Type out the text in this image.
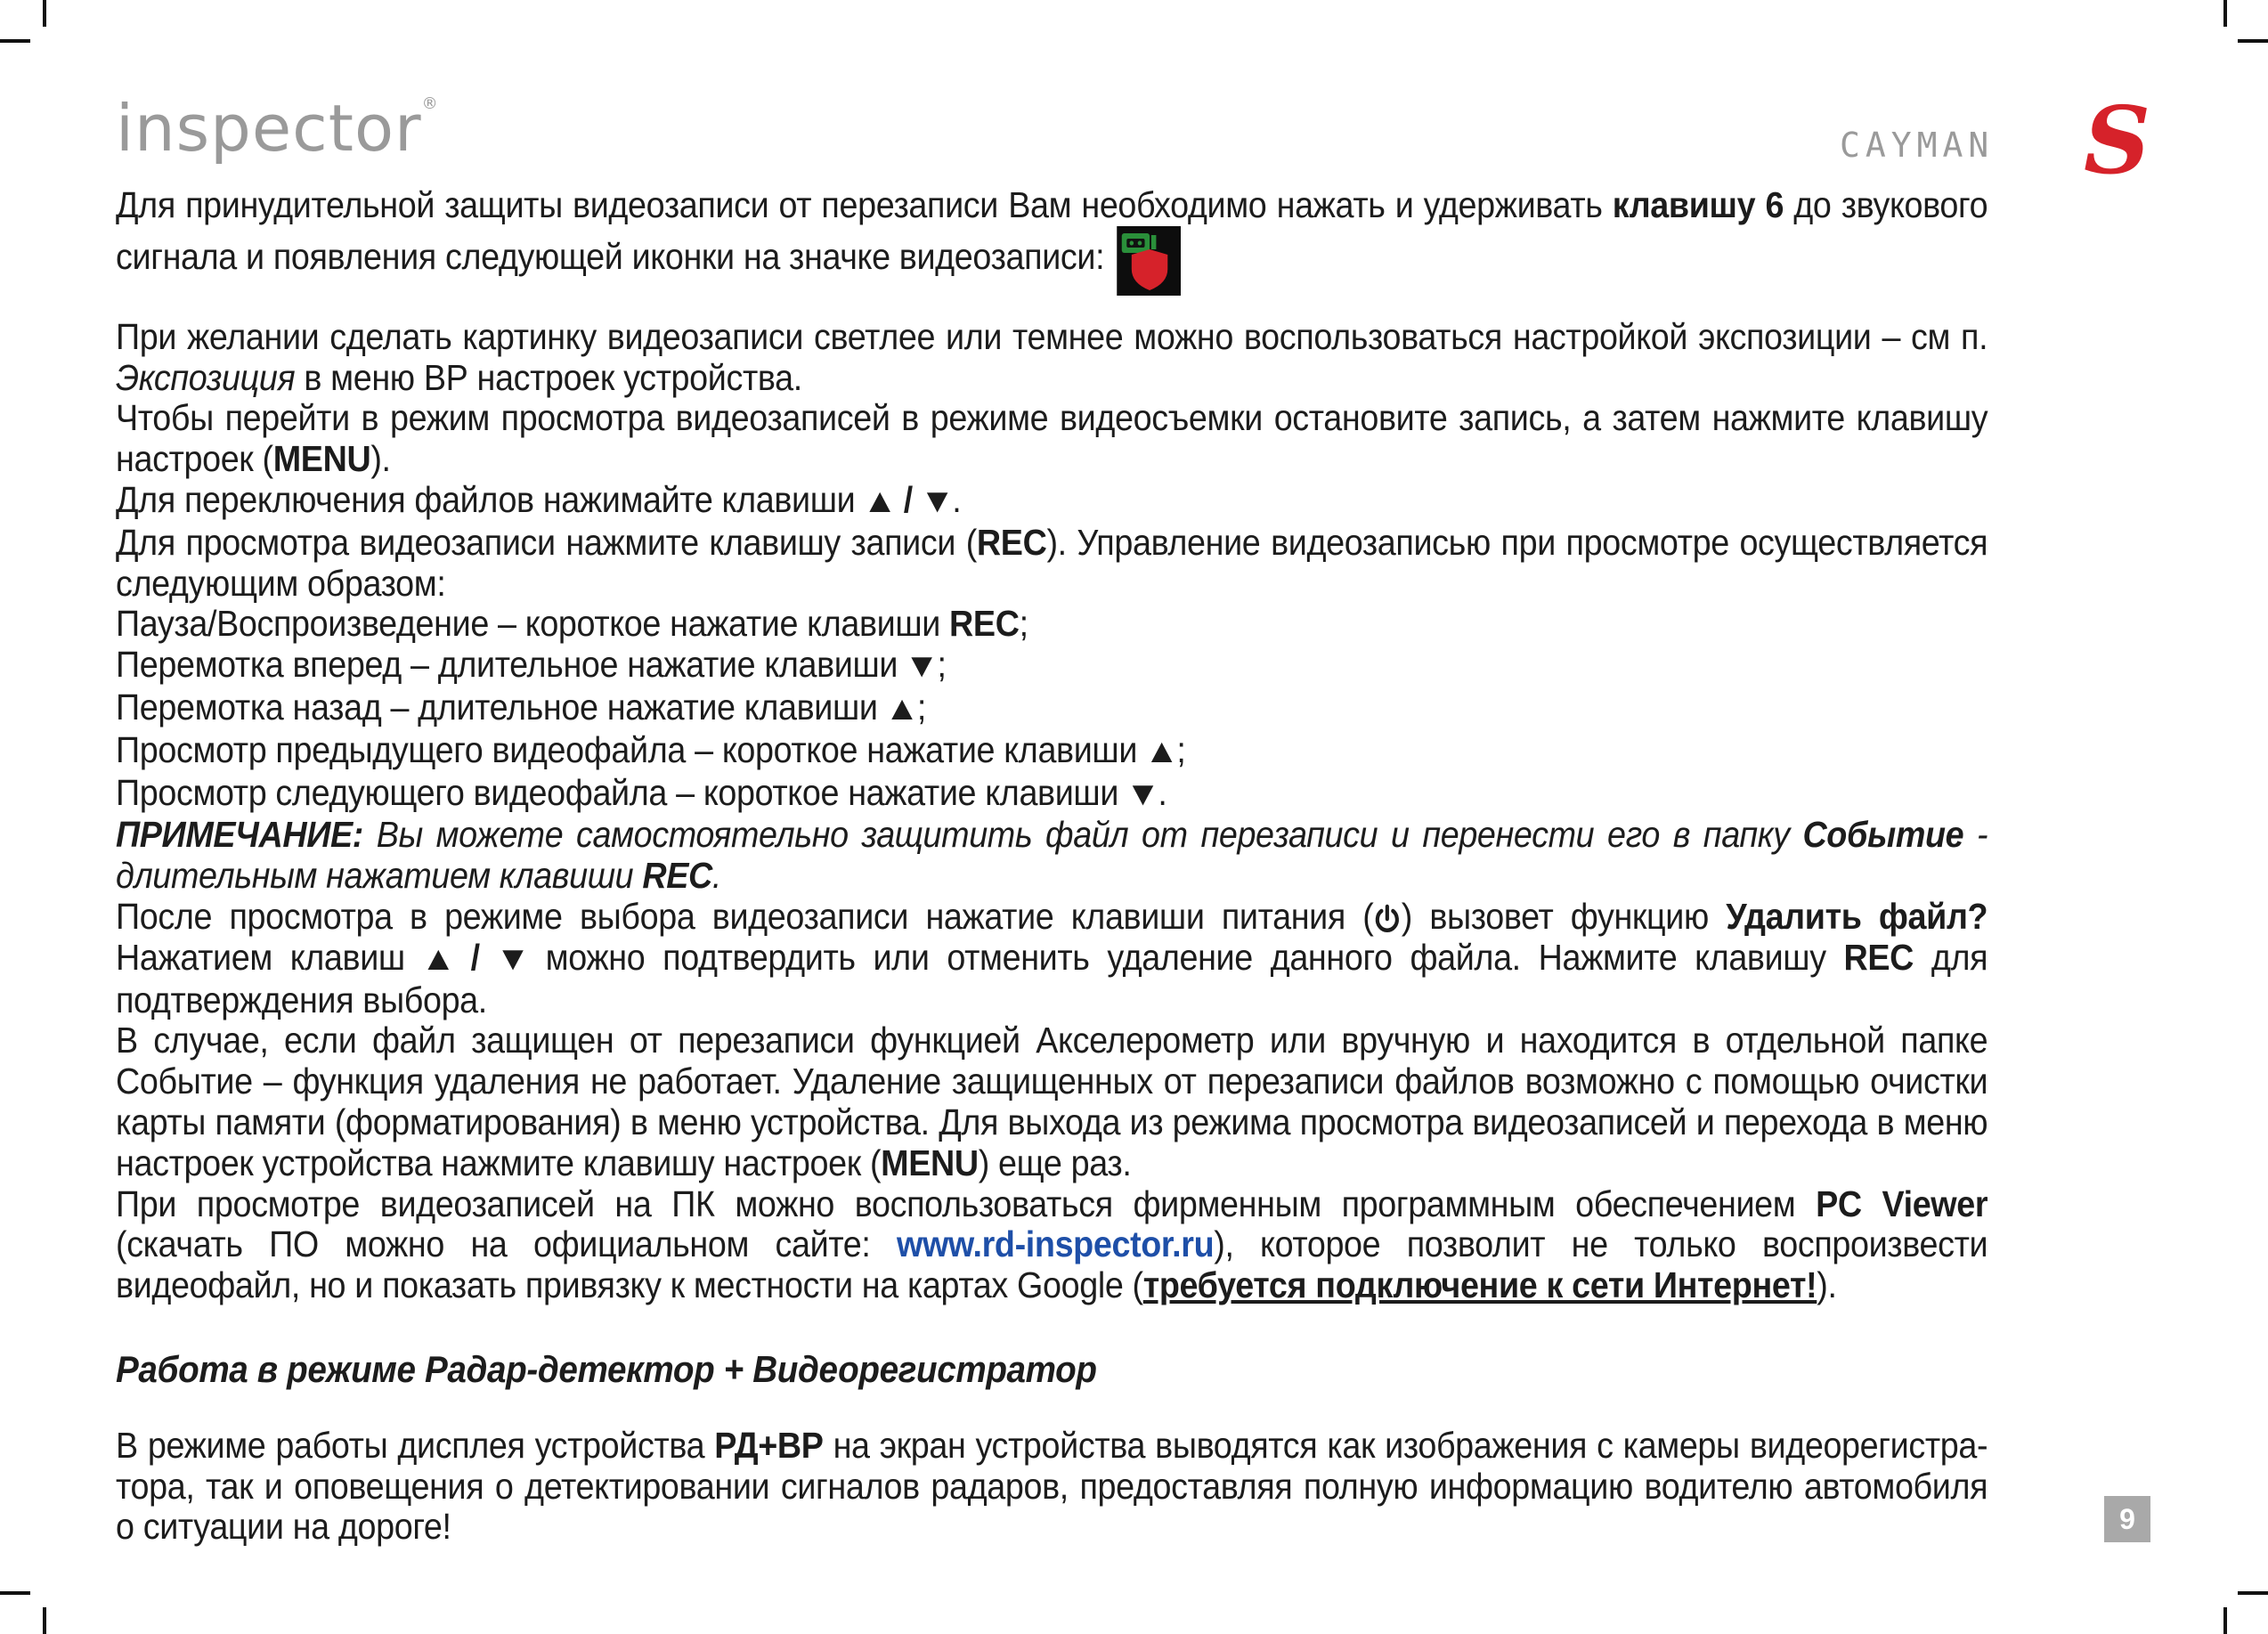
inspector®
CAYMAN S

Для принудительной защиты видеозаписи от перезаписи Вам необходимо нажать и удерживать клавишу 6 до звукового сигнала и появления следующей иконки на значке видеозаписи:

При желании сделать картинку видеозаписи светлее или темнее можно воспользоваться настройкой экспозиции – см п. Экспозиция в меню ВР настроек устройства.

Чтобы перейти в режим просмотра видеозаписей в режиме видеосъемки остановите запись, а затем нажмите клавишу настроек (MENU).

Для переключения файлов нажимайте клавиши ▲ / ▼.

Для просмотра видеозаписи нажмите клавишу записи (REC). Управление видеозаписью при просмотре осуществляется следующим образом:

Пауза/Воспроизведение – короткое нажатие клавиши REC;

Перемотка вперед – длительное нажатие клавиши ▼;

Перемотка назад – длительное нажатие клавиши ▲;

Просмотр предыдущего видеофайла – короткое нажатие клавиши ▲;

Просмотр следующего видеофайла – короткое нажатие клавиши ▼.

ПРИМЕЧАНИЕ: Вы можете самостоятельно защитить файл от перезаписи и перенести его в папку Событие - длительным нажатием клавиши REC.

После просмотра в режиме выбора видеозаписи нажатие клавиши питания ( ) вызовет функцию Удалить файл? Нажатием клавиш ▲ / ▼ можно подтвердить или отменить удаление данного файла. Нажмите клавишу REC для подтверждения выбора.

В случае, если файл защищен от перезаписи функцией Акселерометр или вручную и находится в отдельной папке Событие – функция удаления не работает. Удаление защищенных от перезаписи файлов возможно с помощью очистки карты памяти (форматирования) в меню устройства. Для выхода из режима просмотра видеозаписей и перехода в меню настроек устройства нажмите клавишу настроек (MENU) еще раз.

При просмотре видеозаписей на ПК можно воспользоваться фирменным программным обеспечением PC Viewer (скачать ПО можно на официальном сайте: www.rd-inspector.ru), которое позволит не только воспроизвести видеофайл, но и показать привязку к местности на картах Google (требуется подключение к сети Интернет!).

Работа в режиме Радар-детектор + Видеорегистратор

В режиме работы дисплея устройства РД+ВР на экран устройства выводятся как изображения с камеры видеорегистра-тора, так и оповещения о детектировании сигналов радаров, предоставляя полную информацию водителю автомобиля о ситуации на дороге!	9
